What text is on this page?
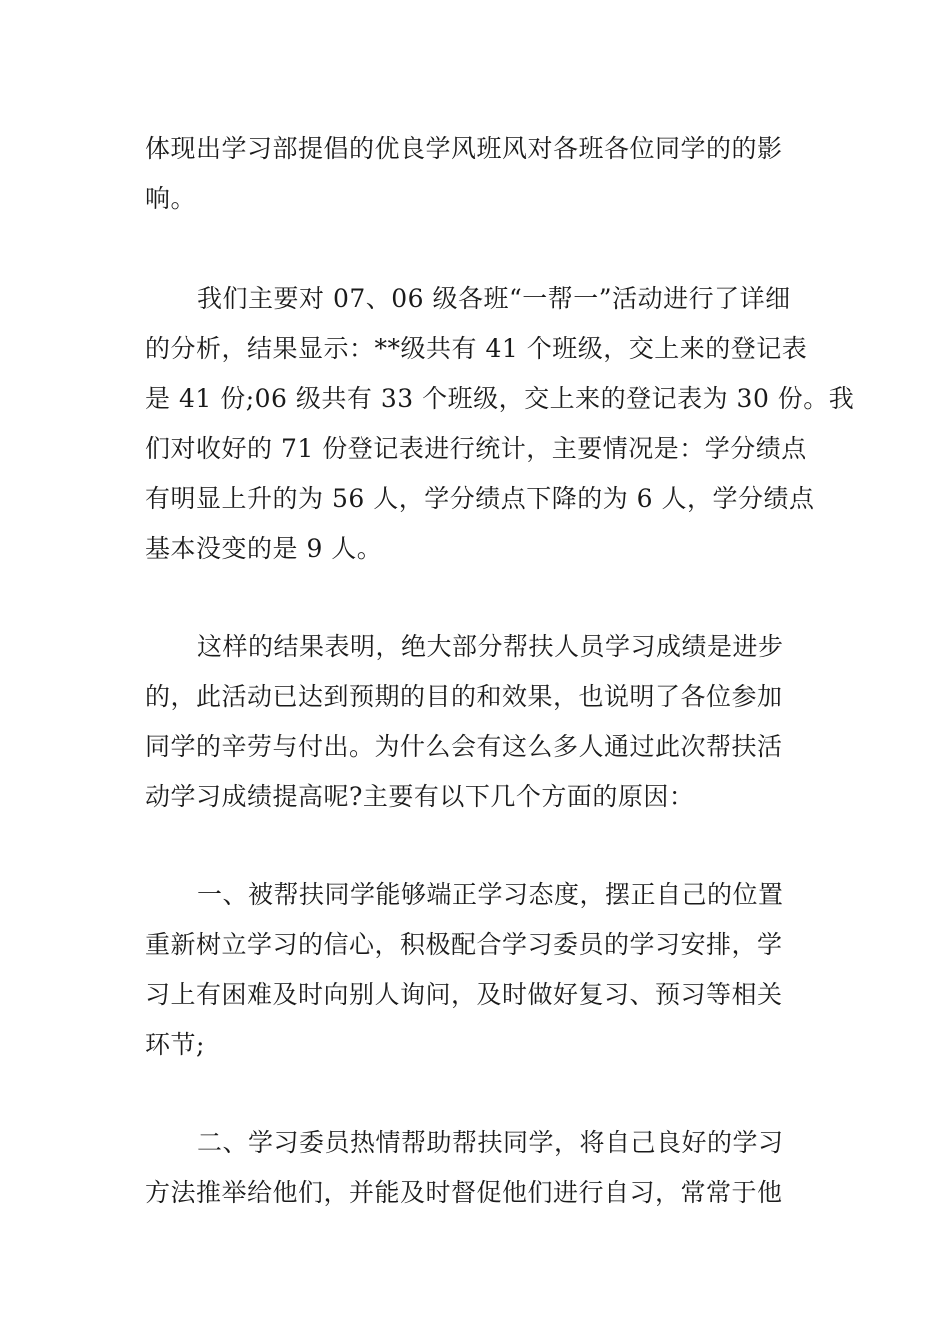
体现出学习部提倡的优良学风班风对各班各位同学的的影
响。
我们主要对 07、06 级各班“一帮一”活动进行了详细
的分析，结果显示：**级共有 41 个班级，交上来的登记表
是 41 份;06 级共有 33 个班级，交上来的登记表为 30 份。我
们对收好的 71 份登记表进行统计，主要情况是：学分绩点
有明显上升的为 56 人，学分绩点下降的为 6 人，学分绩点
基本没变的是 9 人。
这样的结果表明，绝大部分帮扶人员学习成绩是进步
的，此活动已达到预期的目的和效果，也说明了各位参加
同学的辛劳与付出。为什么会有这么多人通过此次帮扶活
动学习成绩提高呢?主要有以下几个方面的原因：
一、被帮扶同学能够端正学习态度，摆正自己的位置
重新树立学习的信心，积极配合学习委员的学习安排，学
习上有困难及时向别人询问，及时做好复习、预习等相关
环节;
二、学习委员热情帮助帮扶同学，将自己良好的学习
方法推举给他们，并能及时督促他们进行自习，常常于他
